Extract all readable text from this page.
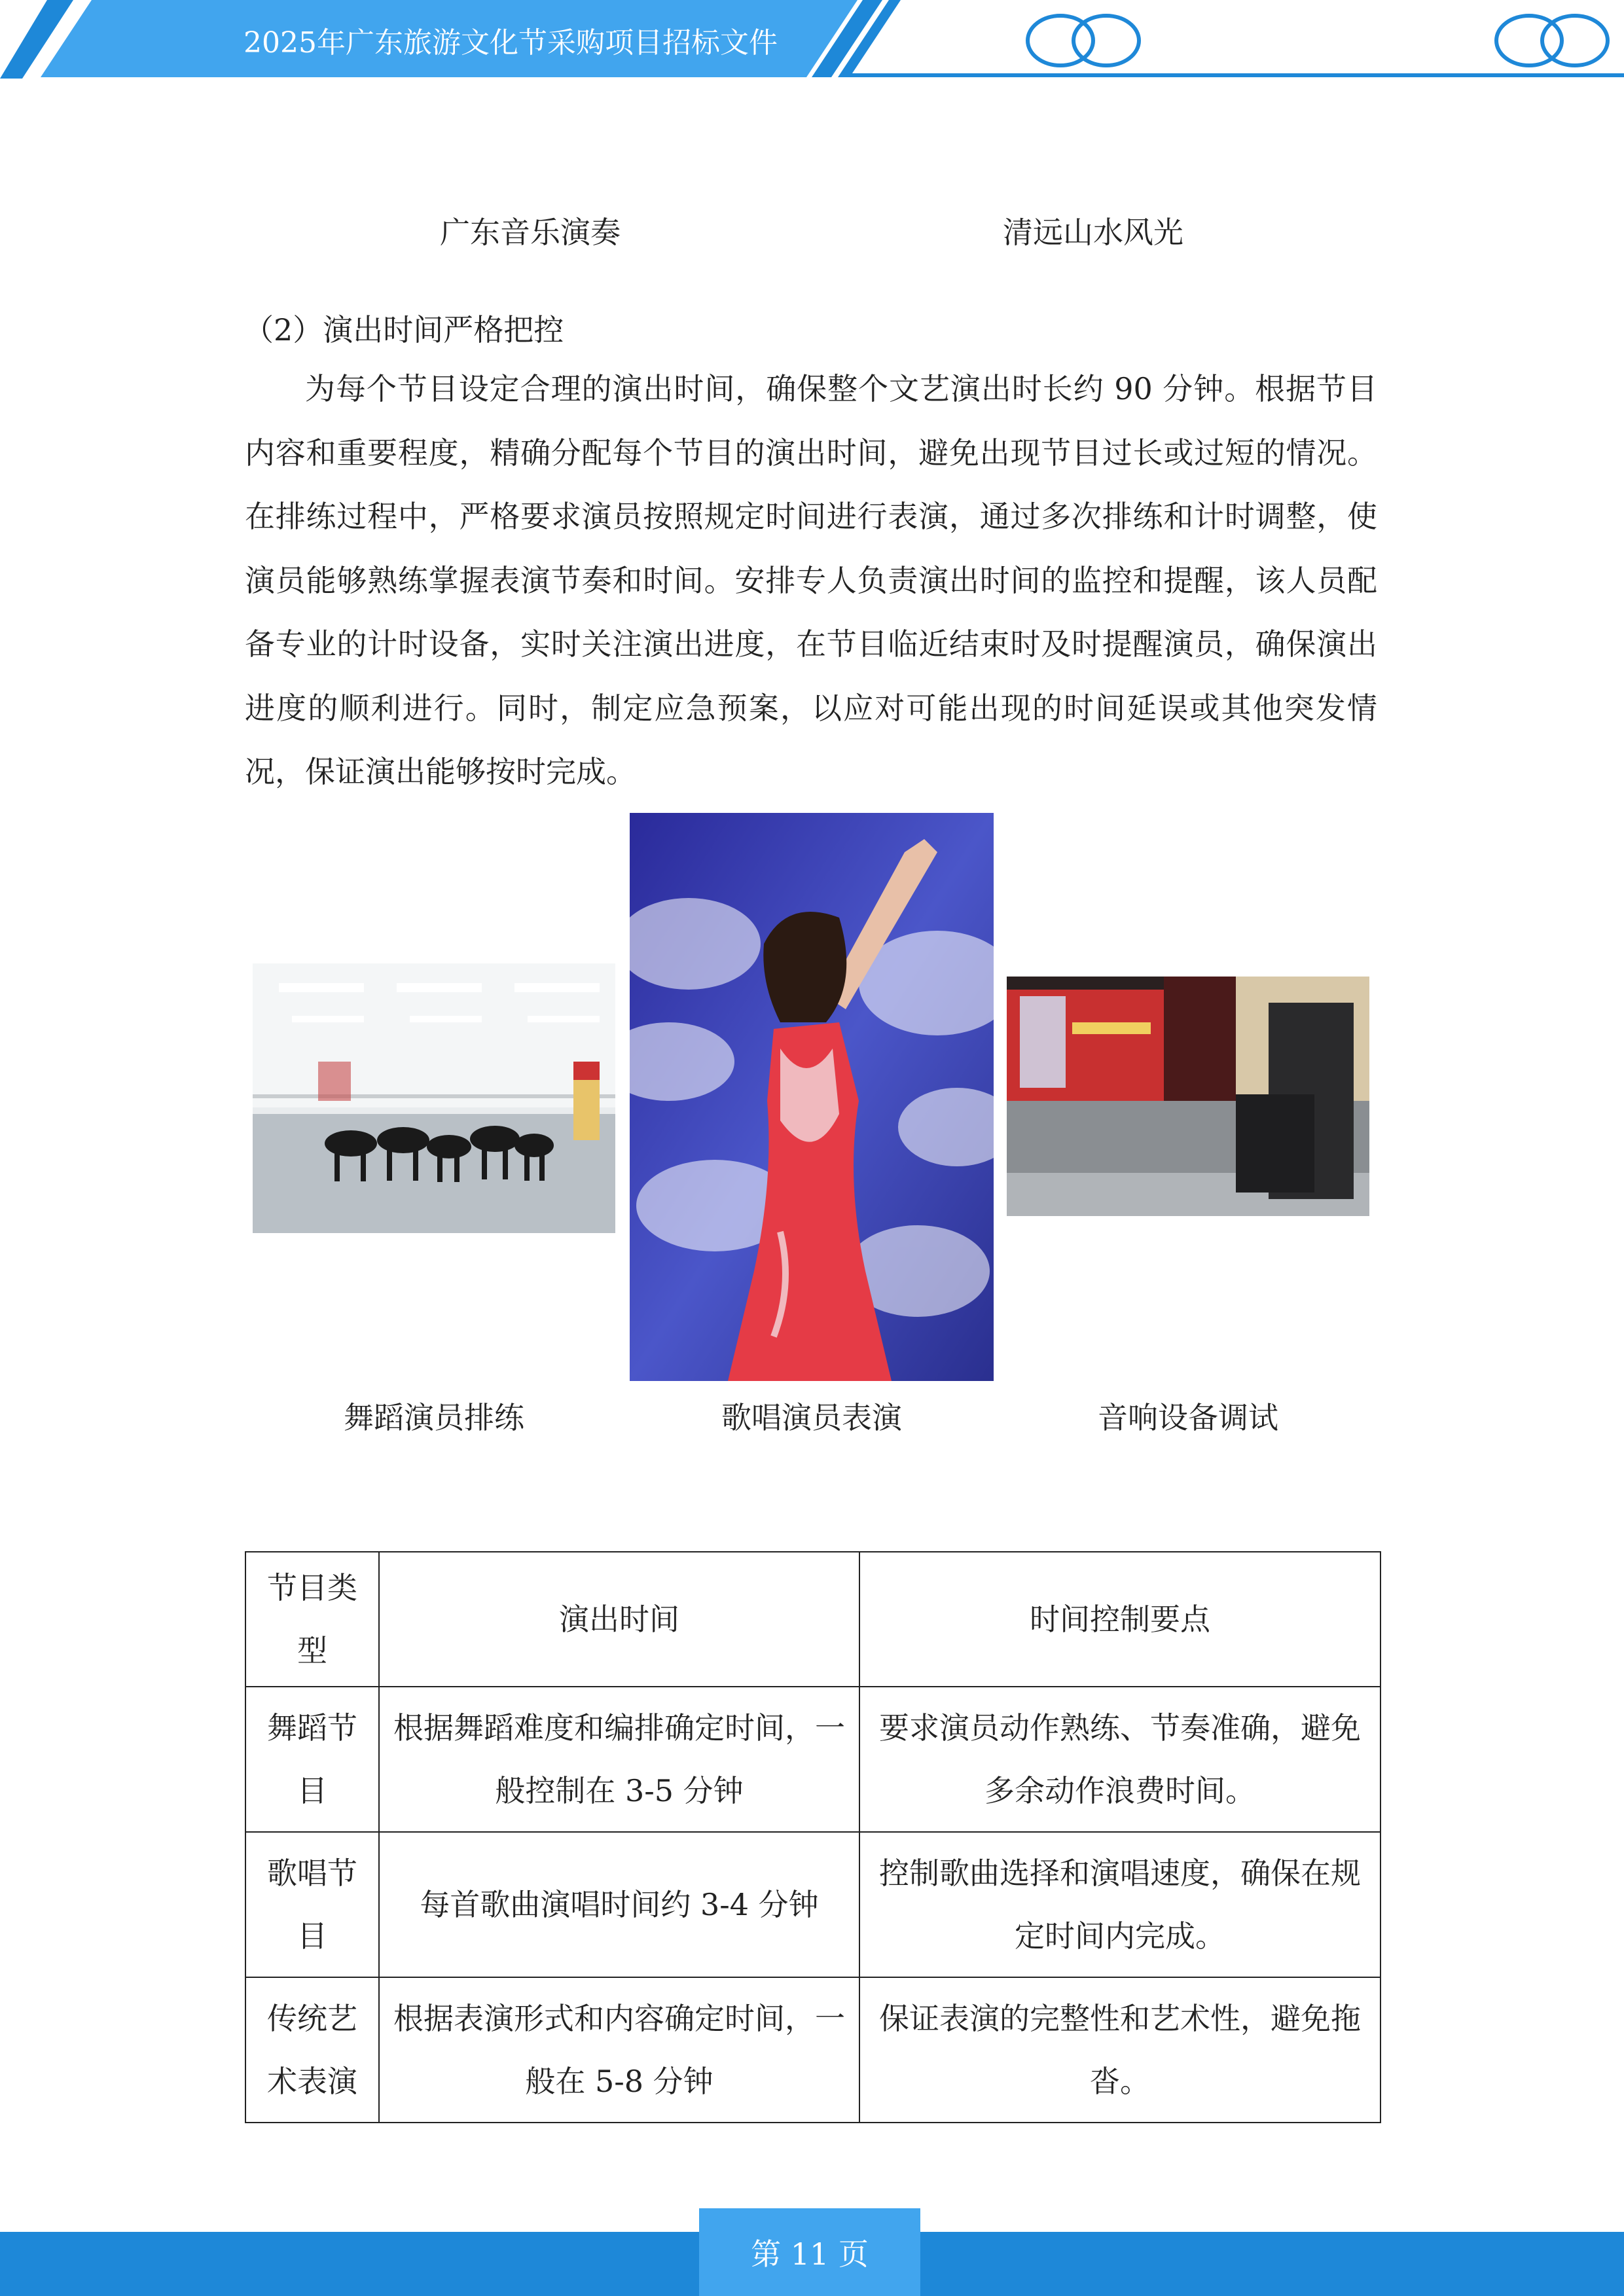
2025年广东旅游文化节采购项目招标文件
广东音乐演奏	清远山水风光
（2）演出时间严格把控

为每个节目设定合理的演出时间，确保整个文艺演出时长约 90 分钟。根据节目内容和重要程度，精确分配每个节目的演出时间，避免出现节目过长或过短的情况。在排练过程中，严格要求演员按照规定时间进行表演，通过多次排练和计时调整，使演员能够熟练掌握表演节奏和时间。安排专人负责演出时间的监控和提醒，该人员配备专业的计时设备，实时关注演出进度，在节目临近结束时及时提醒演员，确保演出进度的顺利进行。同时，制定应急预案，以应对可能出现的时间延误或其他突发情况，保证演出能够按时完成。

舞蹈演员排练	歌唱演员表演	音响设备调试
节目类型	演出时间	时间控制要点
舞蹈节目	根据舞蹈难度和编排确定时间，一般控制在 3-5 分钟	要求演员动作熟练、节奏准确，避免多余动作浪费时间。
歌唱节目	每首歌曲演唱时间约 3-4 分钟	控制歌曲选择和演唱速度，确保在规定时间内完成。
传统艺术表演	根据表演形式和内容确定时间，一般在 5-8 分钟	保证表演的完整性和艺术性，避免拖沓。
第 11 页
